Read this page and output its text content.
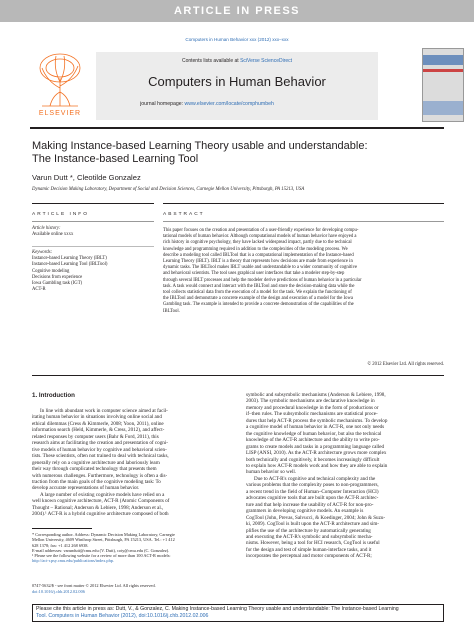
ARTICLE IN PRESS
Computers in Human Behavior xxx (2012) xxx–xxx
ELSEVIER
Contents lists available at SciVerse ScienceDirect
Computers in Human Behavior
journal homepage: www.elsevier.com/locate/comphumbeh
Making Instance-based Learning Theory usable and understandable:
The Instance-based Learning Tool
Varun Dutt *, Cleotilde Gonzalez
Dynamic Decision Making Laboratory, Department of Social and Decision Sciences, Carnegie Mellon University, Pittsburgh, PA 15213, USA
ARTICLE INFO
Article history:
Available online xxxx
Keywords:
Instance-based Learning Theory (IBLT)
Instance-based Learning Tool (IBLTool)
Cognitive modeling
Decisions from experience
Iowa Gambling task (IGT)
ACT-R
ABSTRACT
This paper focuses on the creation and presentation of a user-friendly experience for developing compu-
tational models of human behavior. Although computational models of human behavior have enjoyed a
rich history in cognitive psychology, they have lacked widespread impact, partly due to the technical
knowledge and programming required in addition to the complexities of the modeling process. We
describe a modeling tool called IBLTool that is a computational implementation of the Instance-based
Learning Theory (IBLT). IBLT is a theory that represents how decisions are made from experience in
dynamic tasks. The IBLTool makes IBLT usable and understandable to a wider community of cognitive
and behavioral scientists. The tool uses graphical user interfaces that take a modeler step-by-step
through several IBLT processes and help the modeler derive predictions of human behavior in a particular
task. A task would connect and interact with the IBLTool and store the decision-making data while the
tool collects statistical data from the execution of a model for the task. We explain the functioning of
the IBLTool and demonstrate a concrete example of the design and execution of a model for the Iowa
Gambling task. The example is intended to provide a concrete demonstration of the capabilities of the
IBLTool.
© 2012 Elsevier Ltd. All rights reserved.
1. Introduction
In line with abundant work in computer science aimed at facil-
itating human behavior in situations involving online social and
ethical dilemmas (Cress & Kimmerle, 2008; Yoon, 2011), online
information search (Held, Kimmerle, & Cress, 2012), and affect-
related responses by computer users (Bahr & Ford, 2011), this
research aims at facilitating the creation and presentation of cogni-
tive models of human behavior by cognitive and behavioral scien-
tists. These scientists, often not trained to deal with technical tasks,
generally rely on a cognitive architecture and laboriously learn
their way through complicated technology that presents them
with numerous challenges. Furthermore, technology is often a dis-
traction from the main goals of the cognitive modeling task: To
develop accurate representations of human behavior.
A large number of existing cognitive models have relied on a
well known cognitive architecture, ACT-R (Atomic Components of
Thought – Rational; Anderson & Lebiere, 1998; Anderson et al.,
2004).¹ ACT-R is a hybrid cognitive architecture composed of both
* Corresponding author. Address: Dynamic Decision Making Laboratory, Carnegie
Mellon University, 4609 Winthrop Street, Pittsburgh, PA 15213, USA. Tel.: +1 412
628 1378; fax: +1 412 268 6938.
E-mail addresses: varundutt@cmu.edu (V. Dutt), coty@cmu.edu (C. Gonzalez).
¹ Please see the following website for a review of more than 100 ACT-R models:
http://act-r.psy.cmu.edu/publications/index.php.
0747-5632/$ - see front matter © 2012 Elsevier Ltd. All rights reserved.
doi:10.1016/j.chb.2012.02.006
symbolic and subsymbolic mechanisms (Anderson & Lebiere, 1998,
2003). The symbolic mechanisms are declarative knowledge in
memory and procedural knowledge in the form of productions or
if–then rules. The subsymbolic mechanisms are statistical proce-
dures that help ACT-R process the symbolic mechanisms. To develop
a cognitive model of human behavior in ACT-R, one not only needs
the cognitive knowledge of human behavior, but also the technical
knowledge of the ACT-R architecture and the ability to write pro-
grams to create models and tasks in a programming language called
LISP (ANSI, 2010). As the ACT-R architecture grows more complex
both technically and cognitively, it becomes increasingly difficult
to explain how ACT-R models work and how they are able to explain
human behavior so well.
Due to ACT-R's cognitive and technical complexity and the
various problems that the complexity poses to non-programmers,
a recent trend in the field of Human–Computer Interaction (HCI)
advocates cognitive tools that are built upon the ACT-R architec-
ture and that help increase the usability of ACT-R for non-pro-
grammers in developing cognitive models. An example is
CogTool (John, Prevas, Salvucci, & Koedinger, 2004; John & Suzu-
ki, 2009). CogTool is built upon the ACT-R architecture and sim-
plifies the use of the architecture by automatically generating
and executing the ACT-R's symbolic and subsymbolic mecha-
nisms. However, being a tool for HCI research, CogTool is useful
for the design and test of simple human-interface tasks, and it
incorporates the perceptual and motor components of ACT-R;
Please cite this article in press as: Dutt, V., & Gonzalez, C. Making Instance-based Learning Theory usable and understandable: The Instance-based Learning
Tool. Computers in Human Behavior (2012), doi:10.1016/j.chb.2012.02.006
